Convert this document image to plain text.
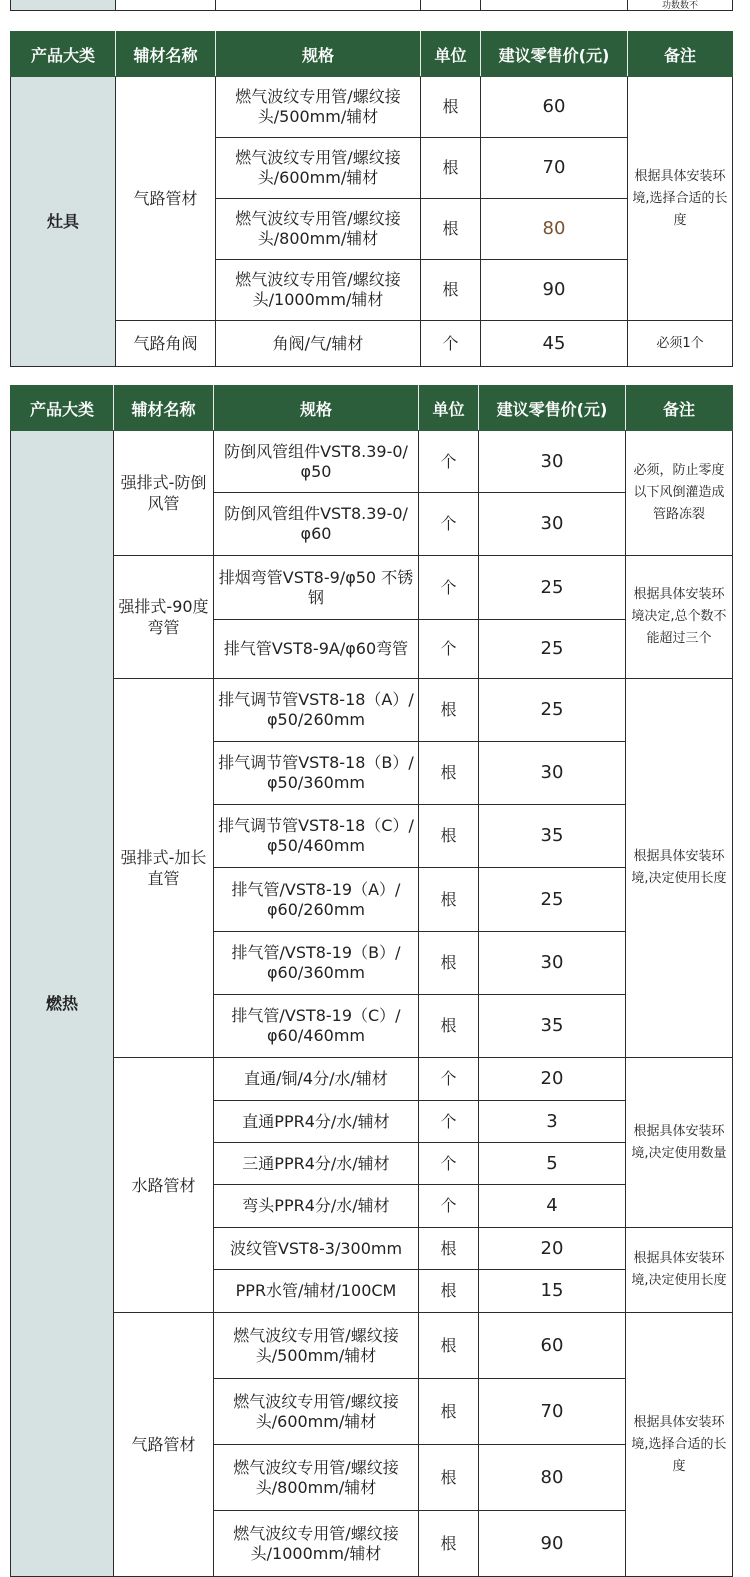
					功数数不
产品大类	辅材名称	规格	单位	建议零售价(元)	备注
灶具	气路管材	燃气波纹专用管/螺纹接头/500mm/辅材	根	60	根据具体安装环境,选择合适的长度
		燃气波纹专用管/螺纹接头/600mm/辅材	根	70	
		燃气波纹专用管/螺纹接头/800mm/辅材	根	80	
		燃气波纹专用管/螺纹接头/1000mm/辅材	根	90	
	气路角阀	角阀/气/辅材	个	45	必须1个
产品大类	辅材名称	规格	单位	建议零售价(元)	备注
燃热	强排式-防倒风管	防倒风管组件VST8.39-0/φ50	个	30	必须，防止零度以下风倒灌造成管路冻裂
		防倒风管组件VST8.39-0/φ60	个	30	
	强排式-90度弯管	排烟弯管VST8-9/φ50 不锈钢	个	25	根据具体安装环境决定,总个数不能超过三个
		排气管VST8-9A/φ60弯管	个	25	
	强排式-加长直管	排气调节管VST8-18（A）/φ50/260mm	根	25	根据具体安装环境,决定使用长度
		排气调节管VST8-18（B）/φ50/360mm	根	30	
		排气调节管VST8-18（C）/φ50/460mm	根	35	
		排气管/VST8-19（A）/φ60/260mm	根	25	
		排气管/VST8-19（B）/φ60/360mm	根	30	
		排气管/VST8-19（C）/φ60/460mm	根	35	
	水路管材	直通/铜/4分/水/辅材	个	20	根据具体安装环境,决定使用数量
		直通PPR4分/水/辅材	个	3	
		三通PPR4分/水/辅材	个	5	
		弯头PPR4分/水/辅材	个	4	
		波纹管VST8-3/300mm	根	20	根据具体安装环境,决定使用长度
		PPR水管/辅材/100CM	根	15	
	气路管材	燃气波纹专用管/螺纹接头/500mm/辅材	根	60	根据具体安装环境,选择合适的长度
		燃气波纹专用管/螺纹接头/600mm/辅材	根	70	
		燃气波纹专用管/螺纹接头/800mm/辅材	根	80	
		燃气波纹专用管/螺纹接头/1000mm/辅材	根	90	
